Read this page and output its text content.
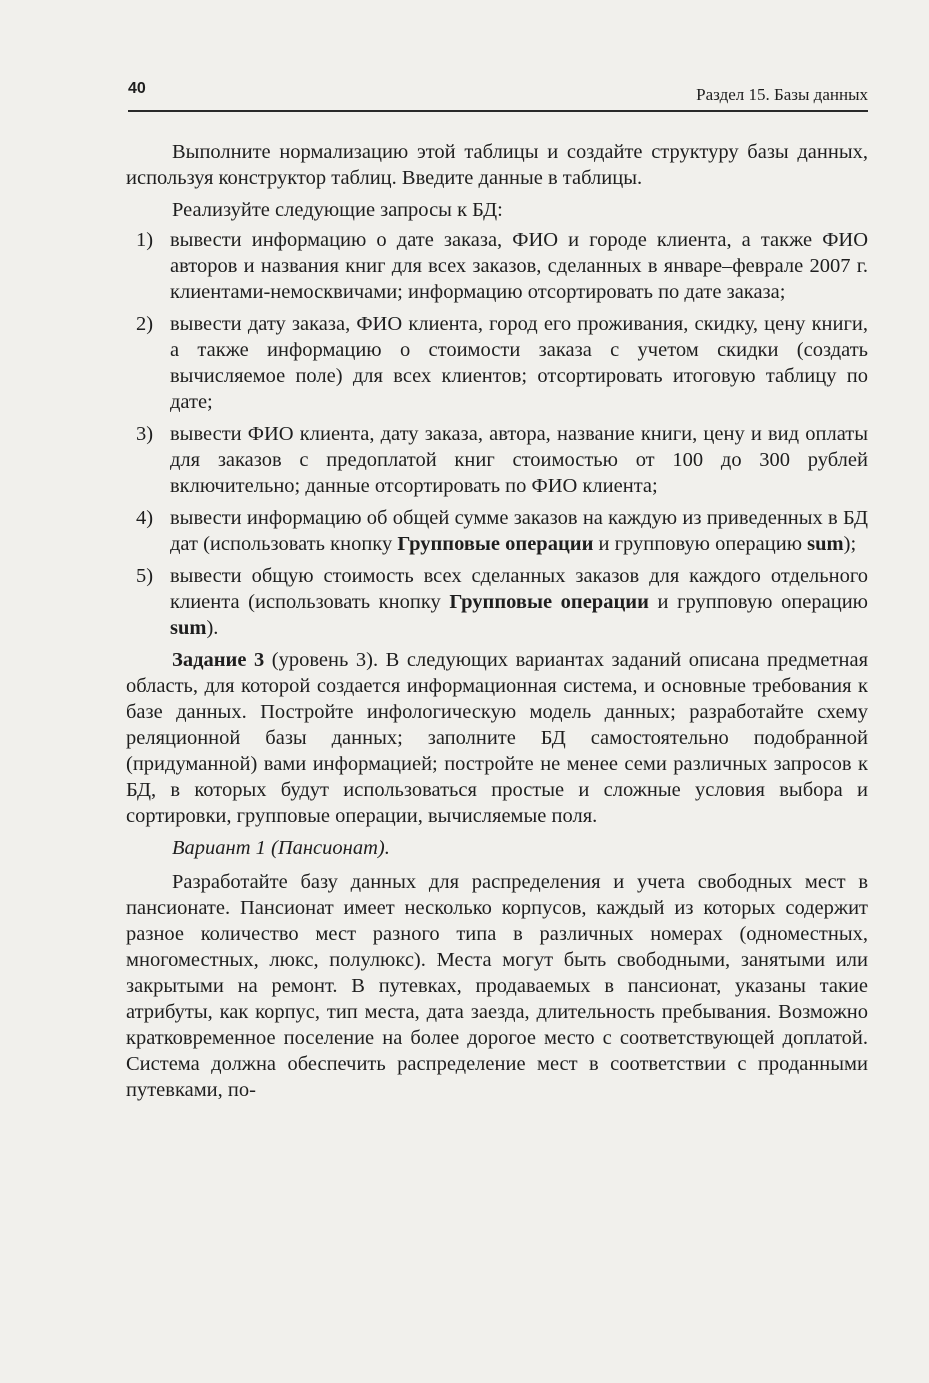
40	Раздел 15. Базы данных

Выполните нормализацию этой таблицы и создайте структуру базы данных, используя конструктор таблиц. Введите данные в таблицы.

Реализуйте следующие запросы к БД:

1) вывести информацию о дате заказа, ФИО и городе клиента, а также ФИО авторов и названия книг для всех заказов, сделанных в январе–феврале 2007 г. клиентами-немосквичами; информацию отсортировать по дате заказа;
2) вывести дату заказа, ФИО клиента, город его проживания, скидку, цену книги, а также информацию о стоимости заказа с учетом скидки (создать вычисляемое поле) для всех клиентов; отсортировать итоговую таблицу по дате;
3) вывести ФИО клиента, дату заказа, автора, название книги, цену и вид оплаты для заказов с предоплатой книг стоимостью от 100 до 300 рублей включительно; данные отсортировать по ФИО клиента;
4) вывести информацию об общей сумме заказов на каждую из приведенных в БД дат (использовать кнопку Групповые операции и групповую операцию sum);
5) вывести общую стоимость всех сделанных заказов для каждого отдельного клиента (использовать кнопку Групповые операции и групповую операцию sum).

Задание 3 (уровень 3). В следующих вариантах заданий описана предметная область, для которой создается информационная система, и основные требования к базе данных. Постройте инфологическую модель данных; разработайте схему реляционной базы данных; заполните БД самостоятельно подобранной (придуманной) вами информацией; постройте не менее семи различных запросов к БД, в которых будут использоваться простые и сложные условия выбора и сортировки, групповые операции, вычисляемые поля.

Вариант 1 (Пансионат).

Разработайте базу данных для распределения и учета свободных мест в пансионате. Пансионат имеет несколько корпусов, каждый из которых содержит разное количество мест разного типа в различных номерах (одноместных, многоместных, люкс, полулюкс). Места могут быть свободными, занятыми или закрытыми на ремонт. В путевках, продаваемых в пансионат, указаны такие атрибуты, как корпус, тип места, дата заезда, длительность пребывания. Возможно кратковременное поселение на более дорогое место с соответствующей доплатой. Система должна обеспечить распределение мест в соответствии с проданными путевками, по-
